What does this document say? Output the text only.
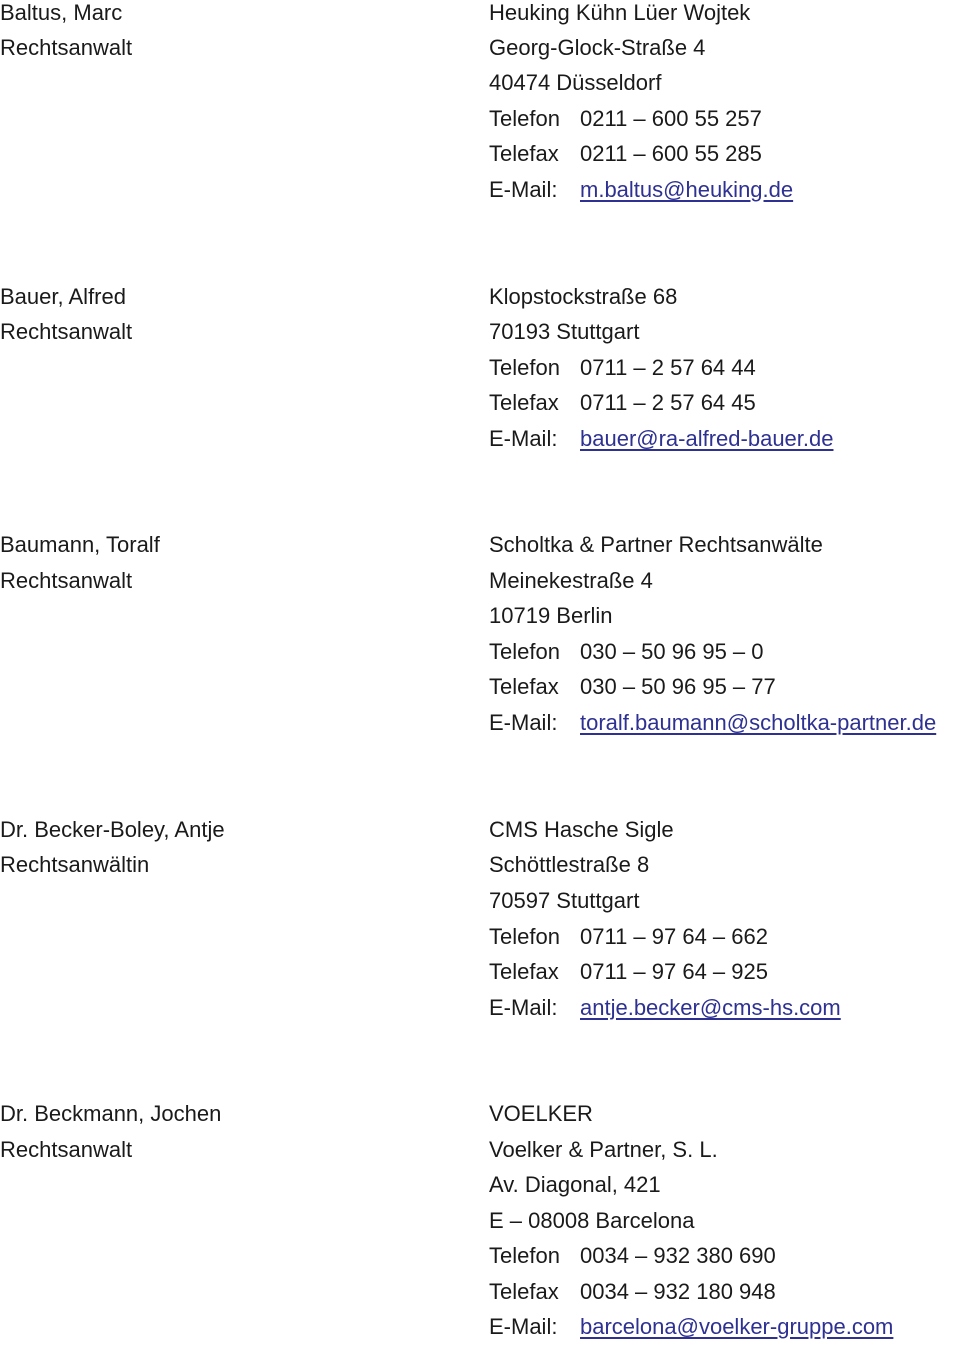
Baltus, Marc
Rechtsanwalt
Heuking Kühn Lüer Wojtek
Georg-Glock-Straße 4
40474 Düsseldorf
Telefon 0211 – 600 55 257
Telefax 0211 – 600 55 285
E-Mail: m.baltus@heuking.de
Bauer, Alfred
Rechtsanwalt
Klopstockstraße 68
70193 Stuttgart
Telefon 0711 – 2 57 64 44
Telefax 0711 – 2 57 64 45
E-Mail: bauer@ra-alfred-bauer.de
Baumann, Toralf
Rechtsanwalt
Scholtka & Partner Rechtsanwälte
Meinekestraße 4
10719 Berlin
Telefon 030 – 50 96 95 – 0
Telefax 030 – 50 96 95 – 77
E-Mail: toralf.baumann@scholtka-partner.de
Dr. Becker-Boley, Antje
Rechtsanwältin
CMS Hasche Sigle
Schöttlestraße 8
70597 Stuttgart
Telefon 0711 – 97 64 – 662
Telefax 0711 – 97 64 – 925
E-Mail: antje.becker@cms-hs.com
Dr. Beckmann, Jochen
Rechtsanwalt
VOELKER
Voelker & Partner, S. L.
Av. Diagonal, 421
E – 08008 Barcelona
Telefon 0034 – 932 380 690
Telefax 0034 – 932 180 948
E-Mail: barcelona@voelker-gruppe.com
